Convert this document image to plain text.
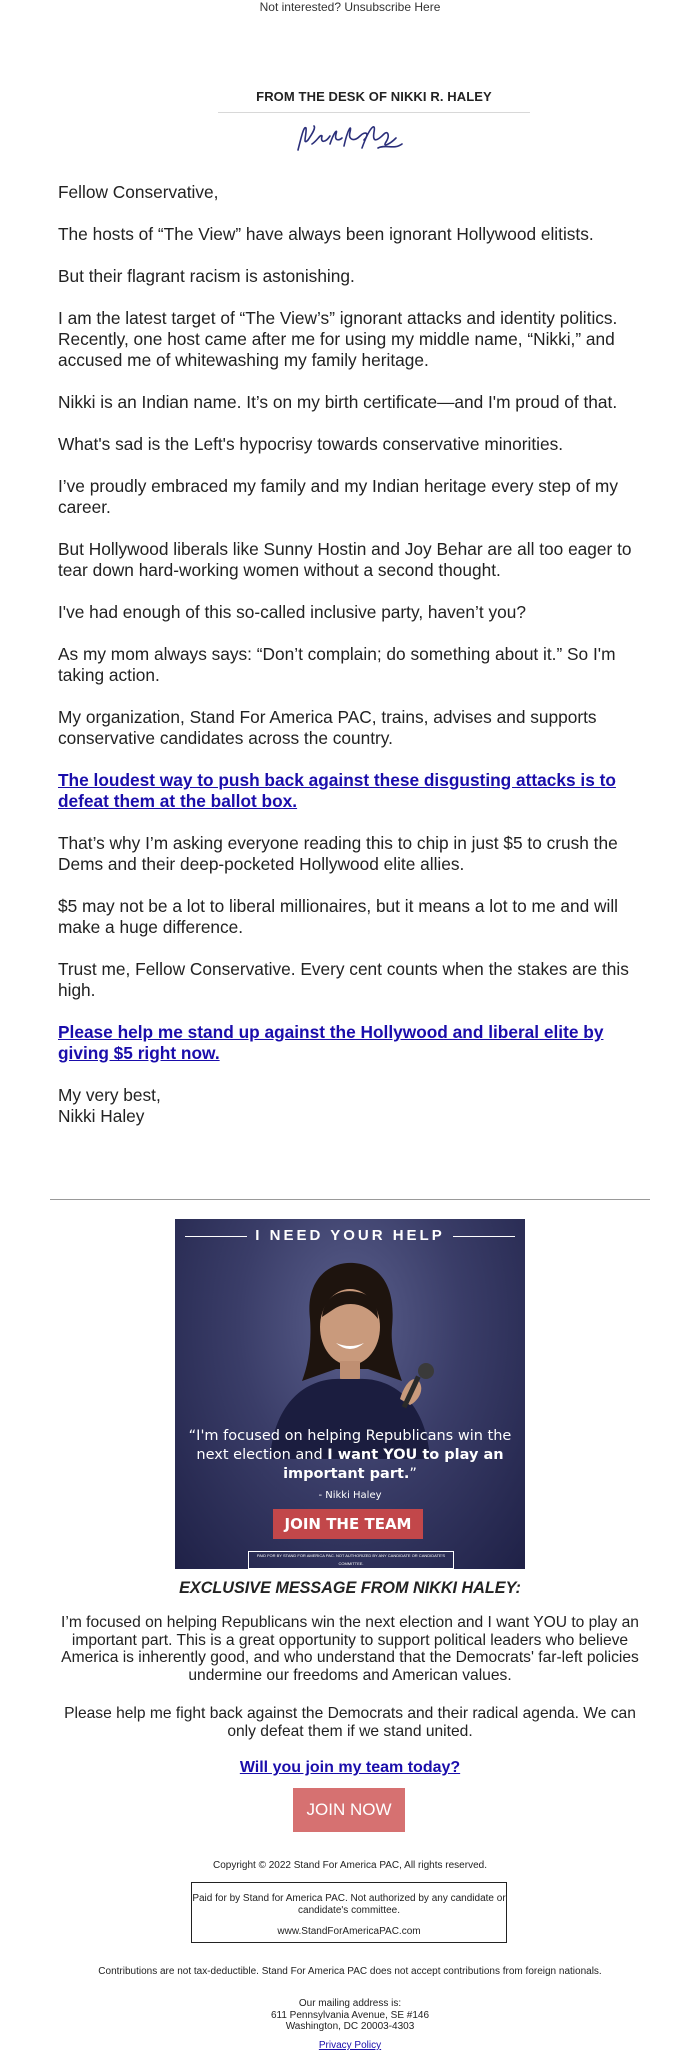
Not interested? Unsubscribe Here
FROM THE DESK OF NIKKI R. HALEY

Fellow Conservative,

The hosts of “The View” have always been ignorant Hollywood elitists.

But their flagrant racism is astonishing.

I am the latest target of “The View’s” ignorant attacks and identity politics. Recently, one host came after me for using my middle name, “Nikki,” and accused me of whitewashing my family heritage.

Nikki is an Indian name. It’s on my birth certificate—and I'm proud of that.

What's sad is the Left's hypocrisy towards conservative minorities.

I’ve proudly embraced my family and my Indian heritage every step of my career.

But Hollywood liberals like Sunny Hostin and Joy Behar are all too eager to tear down hard-working women without a second thought.

I've had enough of this so-called inclusive party, haven’t you?

As my mom always says: “Don’t complain; do something about it.” So I'm taking action.

My organization, Stand For America PAC, trains, advises and supports conservative candidates across the country.

The loudest way to push back against these disgusting attacks is to defeat them at the ballot box.

That’s why I’m asking everyone reading this to chip in just $5 to crush the Dems and their deep-pocketed Hollywood elite allies.

$5 may not be a lot to liberal millionaires, but it means a lot to me and will make a huge difference.

Trust me, Fellow Conservative. Every cent counts when the stakes are this high.

Please help me stand up against the Hollywood and liberal elite by giving $5 right now.

My very best,
Nikki Haley

I NEED YOUR HELP
“I'm focused on helping Republicans win the next election and I want YOU to play an important part.”
- Nikki Haley
JOIN THE TEAM
PAID FOR BY STAND FOR AMERICA PAC. NOT AUTHORIZED BY ANY CANDIDATE OR CANDIDATE'S COMMITTEE.
EXCLUSIVE MESSAGE FROM NIKKI HALEY:
I’m focused on helping Republicans win the next election and I want YOU to play an important part. This is a great opportunity to support political leaders who believe America is inherently good, and who understand that the Democrats' far-left policies undermine our freedoms and American values.
Please help me fight back against the Democrats and their radical agenda. We can only defeat them if we stand united.
Will you join my team today?
JOIN NOW
Copyright © 2022 Stand For America PAC, All rights reserved.
Paid for by Stand for America PAC. Not authorized by any candidate or candidate's committee.
www.StandForAmericaPAC.com
Contributions are not tax-deductible. Stand For America PAC does not accept contributions from foreign nationals.
Our mailing address is:
611 Pennsylvania Avenue, SE #146
Washington, DC 20003-4303
Privacy Policy
